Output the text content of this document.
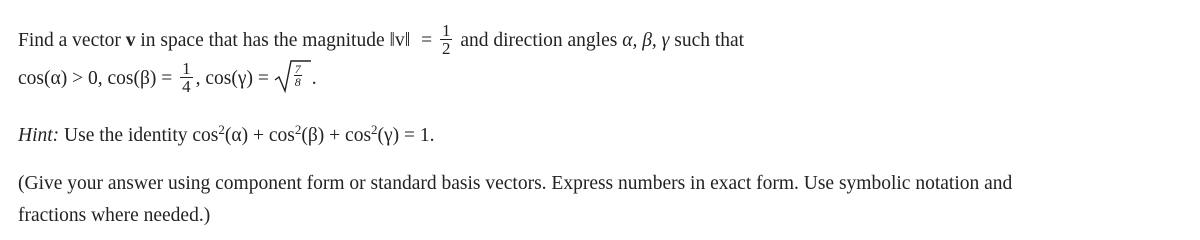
Find a vector v in space that has the magnitude ‖v‖ = $\frac{1}{2}$ and direction angles α, β, γ such that
cos(α) > 0, $\cos(\beta) = \frac{1}{4}$ , $\cos(\gamma) = \frac{7}{8}$ .
Hint: Use the identity $\cos^2(\alpha) + \cos^2(\beta) + \cos^2(\gamma) = 1$.
(Give your answer using component form or standard basis vectors. Express numbers in exact form. Use symbolic notation and
fractions where needed.)
